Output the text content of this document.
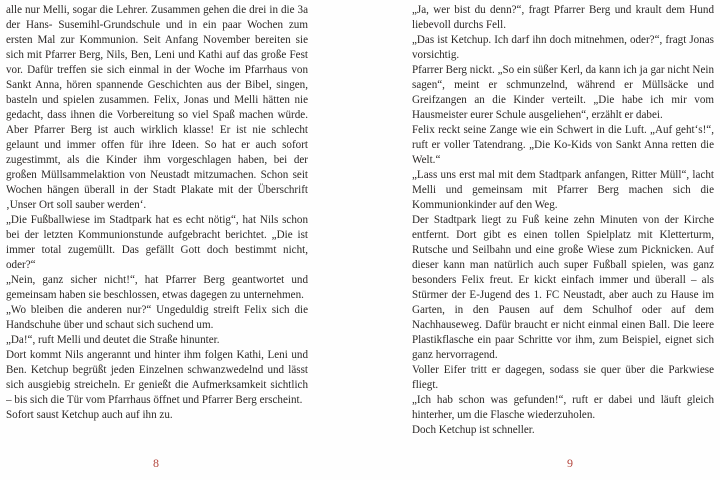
alle nur Melli, sogar die Lehrer. Zusammen gehen die drei in die 3a der Hans- Susemihl-Grundschule und in ein paar Wochen zum ersten Mal zur Kommunion. Seit Anfang November bereiten sie sich mit Pfarrer Berg, Nils, Ben, Leni und Kathi auf das große Fest vor. Dafür treffen sie sich einmal in der Woche im Pfarrhaus von Sankt Anna, hören spannende Geschichten aus der Bibel, singen, basteln und spielen zusammen. Felix, Jonas und Melli hätten nie gedacht, dass ihnen die Vorbereitung so viel Spaß machen würde. Aber Pfarrer Berg ist auch wirklich klasse! Er ist nie schlecht gelaunt und immer offen für ihre Ideen. So hat er auch sofort zugestimmt, als die Kinder ihm vorgeschlagen haben, bei der großen Müllsammelaktion von Neustadt mitzumachen. Schon seit Wochen hängen überall in der Stadt Plakate mit der Überschrift ‚Unser Ort soll sauber werden‘.

„Die Fußballwiese im Stadtpark hat es echt nötig“, hat Nils schon bei der letzten Kommunionstunde aufgebracht berichtet. „Die ist immer total zugemüllt. Das gefällt Gott doch bestimmt nicht, oder?“

„Nein, ganz sicher nicht!“, hat Pfarrer Berg geantwortet und gemeinsam haben sie beschlossen, etwas dagegen zu unternehmen.

„Wo bleiben die anderen nur?“ Ungeduldig streift Felix sich die Handschuhe über und schaut sich suchend um.

„Da!“, ruft Melli und deutet die Straße hinunter.

Dort kommt Nils angerannt und hinter ihm folgen Kathi, Leni und Ben. Ketchup begrüßt jeden Einzelnen schwanzwedelnd und lässt sich ausgiebig streicheln. Er genießt die Aufmerksamkeit sichtlich – bis sich die Tür vom Pfarrhaus öffnet und Pfarrer Berg erscheint.

Sofort saust Ketchup auch auf ihn zu.

„Ja, wer bist du denn?“, fragt Pfarrer Berg und krault dem Hund liebevoll durchs Fell.

„Das ist Ketchup. Ich darf ihn doch mitnehmen, oder?“, fragt Jonas vorsichtig.

Pfarrer Berg nickt. „So ein süßer Kerl, da kann ich ja gar nicht Nein sagen“, meint er schmunzelnd, während er Müllsäcke und Greifzangen an die Kinder verteilt. „Die habe ich mir vom Hausmeister eurer Schule ausgeliehen“, erzählt er dabei.

Felix reckt seine Zange wie ein Schwert in die Luft. „Auf geht‘s!“, ruft er voller Tatendrang. „Die Ko-Kids von Sankt Anna retten die Welt.“

„Lass uns erst mal mit dem Stadtpark anfangen, Ritter Müll“, lacht Melli und gemeinsam mit Pfarrer Berg machen sich die Kommunionkinder auf den Weg.

Der Stadtpark liegt zu Fuß keine zehn Minuten von der Kirche entfernt. Dort gibt es einen tollen Spielplatz mit Kletterturm, Rutsche und Seilbahn und eine große Wiese zum Picknicken. Auf dieser kann man natürlich auch super Fußball spielen, was ganz besonders Felix freut. Er kickt einfach immer und überall – als Stürmer der E-Jugend des 1. FC Neustadt, aber auch zu Hause im Garten, in den Pausen auf dem Schulhof oder auf dem Nachhauseweg. Dafür braucht er nicht einmal einen Ball. Die leere Plastikflasche ein paar Schritte vor ihm, zum Beispiel, eignet sich ganz hervorragend.

Voller Eifer tritt er dagegen, sodass sie quer über die Parkwiese fliegt.

„Ich hab schon was gefunden!“, ruft er dabei und läuft gleich hinterher, um die Flasche wiederzuholen.

Doch Ketchup ist schneller.

8	9
